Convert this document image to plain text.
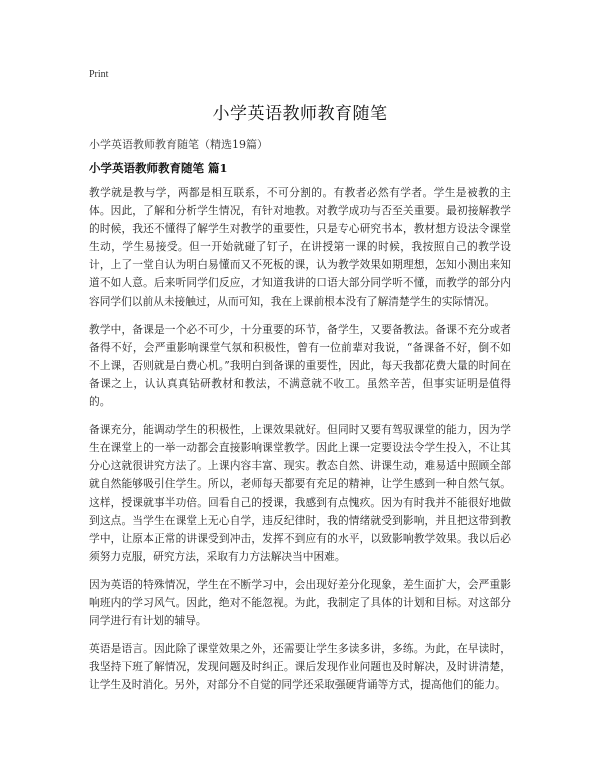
Print
小学英语教师教育随笔
小学英语教师教育随笔（精选19篇）
小学英语教师教育随笔 篇1

教学就是教与学，两都是相互联系，不可分割的。有教者必然有学者。学生是被教的主体。因此，了解和分析学生情况，有针对地教。对教学成功与否至关重要。最初接解教学的时候，我还不懂得了解学生对教学的重要性，只是专心研究书本，教材想方设法令课堂生动，学生易接受。但一开始就碰了钉子，在讲授第一课的时候，我按照自己的教学设计，上了一堂自认为明白易懂而又不死板的课，认为教学效果如期理想，怎知小测出来知道不如人意。后来听同学们反应，才知道我讲的口语大部分同学听不懂，而教学的部分内容同学们以前从未接触过，从而可知，我在上课前根本没有了解清楚学生的实际情况。

教学中，备课是一个必不可少，十分重要的环节，备学生，又要备教法。备课不充分或者备得不好，会严重影响课堂气氛和积极性，曾有一位前辈对我说，“备课备不好，倒不如不上课，否则就是白费心机。”我明白到备课的重要性，因此，每天我都花费大量的时间在备课之上，认认真真钻研教材和教法，不满意就不收工。虽然辛苦，但事实证明是值得的。

备课充分，能调动学生的积极性，上课效果就好。但同时又要有驾驭课堂的能力，因为学生在课堂上的一举一动都会直接影响课堂教学。因此上课一定要设法令学生投入，不让其分心这就很讲究方法了。上课内容丰富、现实。教态自然、讲课生动，难易适中照顾全部就自然能够吸引住学生。所以，老师每天都要有充足的精神，让学生感到一种自然气氛。这样，授课就事半功倍。回看自己的授课，我感到有点愧疚。因为有时我并不能很好地做到这点。当学生在课堂上无心自学，违反纪律时，我的情绪就受到影响，并且把这带到教学中，让原本正常的讲课受到冲击，发挥不到应有的水平，以致影响教学效果。我以后必须努力克服，研究方法，采取有力方法解决当中困难。

因为英语的特殊情况，学生在不断学习中，会出现好差分化现象，差生面扩大，会严重影响班内的学习风气。因此，绝对不能忽视。为此，我制定了具体的计划和目标。对这部分同学进行有计划的辅导。

英语是语言。因此除了课堂效果之外，还需要让学生多读多讲，多练。为此，在早读时，我坚持下班了解情况，发现问题及时纠正。课后发现作业问题也及时解决，及时讲清楚，让学生及时消化。另外，对部分不自觉的同学还采取强硬背诵等方式，提高他们的能力。
